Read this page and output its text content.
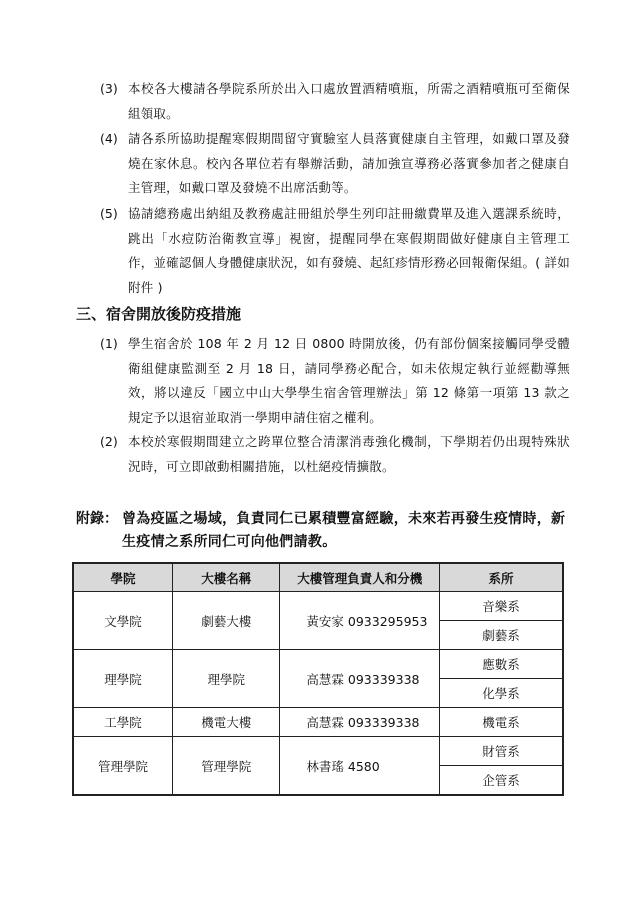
(3) 本校各大樓請各學院系所於出入口處放置酒精噴瓶，所需之酒精噴瓶可至衛保組領取。
(4) 請各系所協助提醒寒假期間留守實驗室人員落實健康自主管理，如戴口罩及發燒在家休息。校內各單位若有舉辦活動，請加強宣導務必落實參加者之健康自主管理，如戴口罩及發燒不出席活動等。
(5) 協請總務處出納組及教務處註冊組於學生列印註冊繳費單及進入選課系統時，跳出「水痘防治衛教宣導」視窗，提醒同學在寒假期間做好健康自主管理工作，並確認個人身體健康狀況，如有發燒、起紅疹情形務必回報衛保組。( 詳如附件 )
三、宿舍開放後防疫措施
(1) 學生宿舍於 108 年 2 月 12 日 0800 時開放後，仍有部份個案接觸同學受體衛組健康監測至 2 月 18 日，請同學務必配合，如未依規定執行並經勸導無效，將以違反「國立中山大學學生宿舍管理辦法」第 12 條第一項第 13 款之規定予以退宿並取消一學期申請住宿之權利。
(2) 本校於寒假期間建立之跨單位整合清潔消毒強化機制，下學期若仍出現特殊狀況時，可立即啟動相關措施，以杜絕疫情擴散。
附錄： 曾為疫區之場域，負責同仁已累積豐富經驗，未來若再發生疫情時，新生疫情之系所同仁可向他們請教。
學院	大樓名稱	大樓管理負責人和分機	系所
文學院	劇藝大樓	黃安家 0933295953	音樂系
			劇藝系
理學院	理學院	高慧霖 093339338	應數系
			化學系
工學院	機電大樓	高慧霖 093339338	機電系
管理學院	管理學院	林書瑤 4580	財管系
			企管系
